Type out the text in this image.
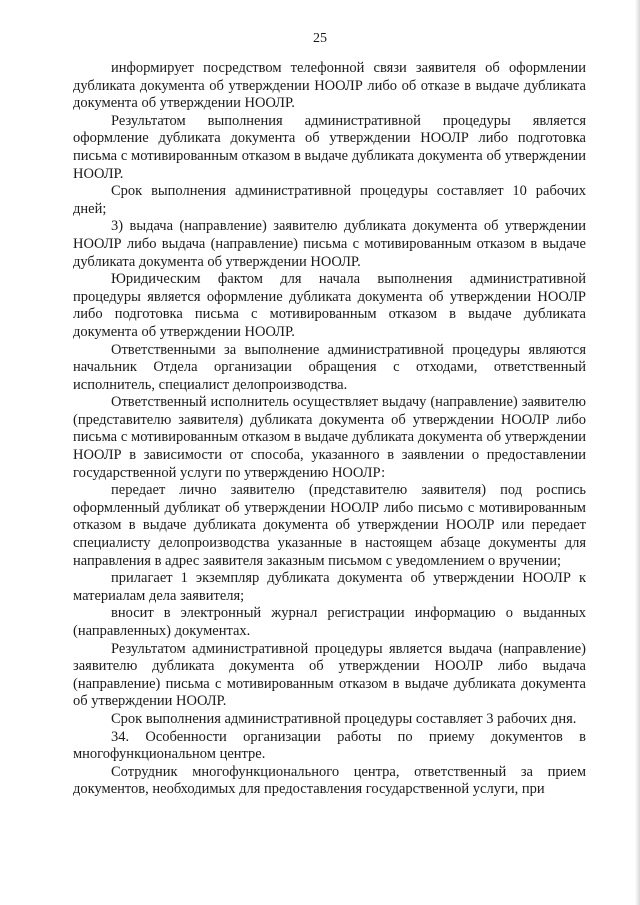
25

информирует посредством телефонной связи заявителя об оформлении дубликата документа об утверждении НООЛР либо об отказе в выдаче дубликата документа об утверждении НООЛР.

Результатом выполнения административной процедуры является оформление дубликата документа об утверждении НООЛР либо подготовка письма с мотивированным отказом в выдаче дубликата документа об утверждении НООЛР.

Срок выполнения административной процедуры составляет 10 рабочих дней;

3) выдача (направление) заявителю дубликата документа об утверждении НООЛР либо выдача (направление) письма с мотивированным отказом в выдаче дубликата документа об утверждении НООЛР.

Юридическим фактом для начала выполнения административной процедуры является оформление дубликата документа об утверждении НООЛР либо подготовка письма с мотивированным отказом в выдаче дубликата документа об утверждении НООЛР.

Ответственными за выполнение административной процедуры являются начальник Отдела организации обращения с отходами, ответственный исполнитель, специалист делопроизводства.

Ответственный исполнитель осуществляет выдачу (направление) заявителю (представителю заявителя) дубликата документа об утверждении НООЛР либо письма с мотивированным отказом в выдаче дубликата документа об утверждении НООЛР в зависимости от способа, указанного в заявлении о предоставлении государственной услуги по утверждению НООЛР:

передает лично заявителю (представителю заявителя) под роспись оформленный дубликат об утверждении НООЛР либо письмо с мотивированным отказом в выдаче дубликата документа об утверждении НООЛР или передает специалисту делопроизводства указанные в настоящем абзаце документы для направления в адрес заявителя заказным письмом с уведомлением о вручении;

прилагает 1 экземпляр дубликата документа об утверждении НООЛР к материалам дела заявителя;

вносит в электронный журнал регистрации информацию о выданных (направленных) документах.

Результатом административной процедуры является выдача (направление) заявителю дубликата документа об утверждении НООЛР либо выдача (направление) письма с мотивированным отказом в выдаче дубликата документа об утверждении НООЛР.

Срок выполнения административной процедуры составляет 3 рабочих дня.

34. Особенности организации работы по приему документов в многофункциональном центре.

Сотрудник многофункционального центра, ответственный за прием документов, необходимых для предоставления государственной услуги, при
